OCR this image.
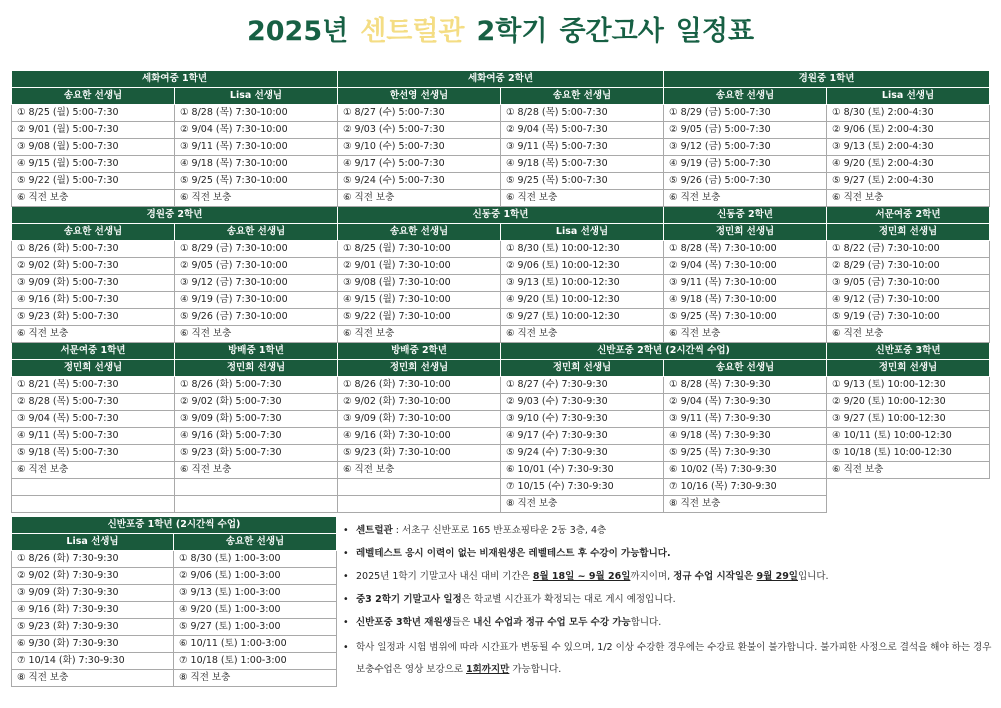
2025년 센트럴관 2학기 중간고사 일정표
세화여중 1학년		세화여중 2학년		경원중 1학년	
송요한 선생님	Lisa 선생님	한선영 선생님	송요한 선생님	송요한 선생님	Lisa 선생님
① 8/25 (월) 5:00-7:30	① 8/28 (목) 7:30-10:00	① 8/27 (수) 5:00-7:30	① 8/28 (목) 5:00-7:30	① 8/29 (금) 5:00-7:30	① 8/30 (토) 2:00-4:30
② 9/01 (월) 5:00-7:30	② 9/04 (목) 7:30-10:00	② 9/03 (수) 5:00-7:30	② 9/04 (목) 5:00-7:30	② 9/05 (금) 5:00-7:30	② 9/06 (토) 2:00-4:30
③ 9/08 (월) 5:00-7:30	③ 9/11 (목) 7:30-10:00	③ 9/10 (수) 5:00-7:30	③ 9/11 (목) 5:00-7:30	③ 9/12 (금) 5:00-7:30	③ 9/13 (토) 2:00-4:30
④ 9/15 (월) 5:00-7:30	④ 9/18 (목) 7:30-10:00	④ 9/17 (수) 5:00-7:30	④ 9/18 (목) 5:00-7:30	④ 9/19 (금) 5:00-7:30	④ 9/20 (토) 2:00-4:30
⑤ 9/22 (월) 5:00-7:30	⑤ 9/25 (목) 7:30-10:00	⑤ 9/24 (수) 5:00-7:30	⑤ 9/25 (목) 5:00-7:30	⑤ 9/26 (금) 5:00-7:30	⑤ 9/27 (토) 2:00-4:30
⑥ 직전 보충	⑥ 직전 보충	⑥ 직전 보충	⑥ 직전 보충	⑥ 직전 보충	⑥ 직전 보충
경원중 2학년		신동중 1학년		신동중 2학년	서문여중 2학년
송요한 선생님	송요한 선생님	송요한 선생님	Lisa 선생님	정민희 선생님	정민희 선생님
① 8/26 (화) 5:00-7:30	① 8/29 (금) 7:30-10:00	① 8/25 (월) 7:30-10:00	① 8/30 (토) 10:00-12:30	① 8/28 (목) 7:30-10:00	① 8/22 (금) 7:30-10:00
② 9/02 (화) 5:00-7:30	② 9/05 (금) 7:30-10:00	② 9/01 (월) 7:30-10:00	② 9/06 (토) 10:00-12:30	② 9/04 (목) 7:30-10:00	② 8/29 (금) 7:30-10:00
③ 9/09 (화) 5:00-7:30	③ 9/12 (금) 7:30-10:00	③ 9/08 (월) 7:30-10:00	③ 9/13 (토) 10:00-12:30	③ 9/11 (목) 7:30-10:00	③ 9/05 (금) 7:30-10:00
④ 9/16 (화) 5:00-7:30	④ 9/19 (금) 7:30-10:00	④ 9/15 (월) 7:30-10:00	④ 9/20 (토) 10:00-12:30	④ 9/18 (목) 7:30-10:00	④ 9/12 (금) 7:30-10:00
⑤ 9/23 (화) 5:00-7:30	⑤ 9/26 (금) 7:30-10:00	⑤ 9/22 (월) 7:30-10:00	⑤ 9/27 (토) 10:00-12:30	⑤ 9/25 (목) 7:30-10:00	⑤ 9/19 (금) 7:30-10:00
⑥ 직전 보충	⑥ 직전 보충	⑥ 직전 보충	⑥ 직전 보충	⑥ 직전 보충	⑥ 직전 보충
서문여중 1학년	방배중 1학년	방배중 2학년	신반포중 2학년 (2시간씩 수업)		신반포중 3학년
정민희 선생님	정민희 선생님	정민희 선생님	정민희 선생님	송요한 선생님	정민희 선생님
① 8/21 (목) 5:00-7:30	① 8/26 (화) 5:00-7:30	① 8/26 (화) 7:30-10:00	① 8/27 (수) 7:30-9:30	① 8/28 (목) 7:30-9:30	① 9/13 (토) 10:00-12:30
② 8/28 (목) 5:00-7:30	② 9/02 (화) 5:00-7:30	② 9/02 (화) 7:30-10:00	② 9/03 (수) 7:30-9:30	② 9/04 (목) 7:30-9:30	② 9/20 (토) 10:00-12:30
③ 9/04 (목) 5:00-7:30	③ 9/09 (화) 5:00-7:30	③ 9/09 (화) 7:30-10:00	③ 9/10 (수) 7:30-9:30	③ 9/11 (목) 7:30-9:30	③ 9/27 (토) 10:00-12:30
④ 9/11 (목) 5:00-7:30	④ 9/16 (화) 5:00-7:30	④ 9/16 (화) 7:30-10:00	④ 9/17 (수) 7:30-9:30	④ 9/18 (목) 7:30-9:30	④ 10/11 (토) 10:00-12:30
⑤ 9/18 (목) 5:00-7:30	⑤ 9/23 (화) 5:00-7:30	⑤ 9/23 (화) 7:30-10:00	⑤ 9/24 (수) 7:30-9:30	⑤ 9/25 (목) 7:30-9:30	⑤ 10/18 (토) 10:00-12:30
⑥ 직전 보충	⑥ 직전 보충	⑥ 직전 보충	⑥ 10/01 (수) 7:30-9:30	⑥ 10/02 (목) 7:30-9:30	⑥ 직전 보충
			⑦ 10/15 (수) 7:30-9:30	⑦ 10/16 (목) 7:30-9:30	
			⑧ 직전 보충	⑧ 직전 보충	
신반포중 1학년 (2시간씩 수업)	
Lisa 선생님	송요한 선생님
① 8/26 (화) 7:30-9:30	① 8/30 (토) 1:00-3:00
② 9/02 (화) 7:30-9:30	② 9/06 (토) 1:00-3:00
③ 9/09 (화) 7:30-9:30	③ 9/13 (토) 1:00-3:00
④ 9/16 (화) 7:30-9:30	④ 9/20 (토) 1:00-3:00
⑤ 9/23 (화) 7:30-9:30	⑤ 9/27 (토) 1:00-3:00
⑥ 9/30 (화) 7:30-9:30	⑥ 10/11 (토) 1:00-3:00
⑦ 10/14 (화) 7:30-9:30	⑦ 10/18 (토) 1:00-3:00
⑧ 직전 보충	⑧ 직전 보충
• 센트럴관 : 서초구 신반포로 165 반포쇼핑타운 2동 3층, 4층
• 레벨테스트 응시 이력이 없는 비재원생은 레벨테스트 후 수강이 가능합니다.
• 2025년 1학기 기말고사 내신 대비 기간은 8월 18일 ~ 9월 26일까지이며, 정규 수업 시작일은 9월 29일입니다.
• 중3 2학기 기말고사 일정은 학교별 시간표가 확정되는 대로 게시 예정입니다.
• 신반포중 3학년 재원생들은 내신 수업과 정규 수업 모두 수강 가능합니다.
• 학사 일정과 시험 범위에 따라 시간표가 변동될 수 있으며, 1/2 이상 수강한 경우에는 수강료 환불이 불가합니다. 불가피한 사정으로 결석을 해야 하는 경우 보충수업은 영상 보강으로 1회까지만 가능합니다.
